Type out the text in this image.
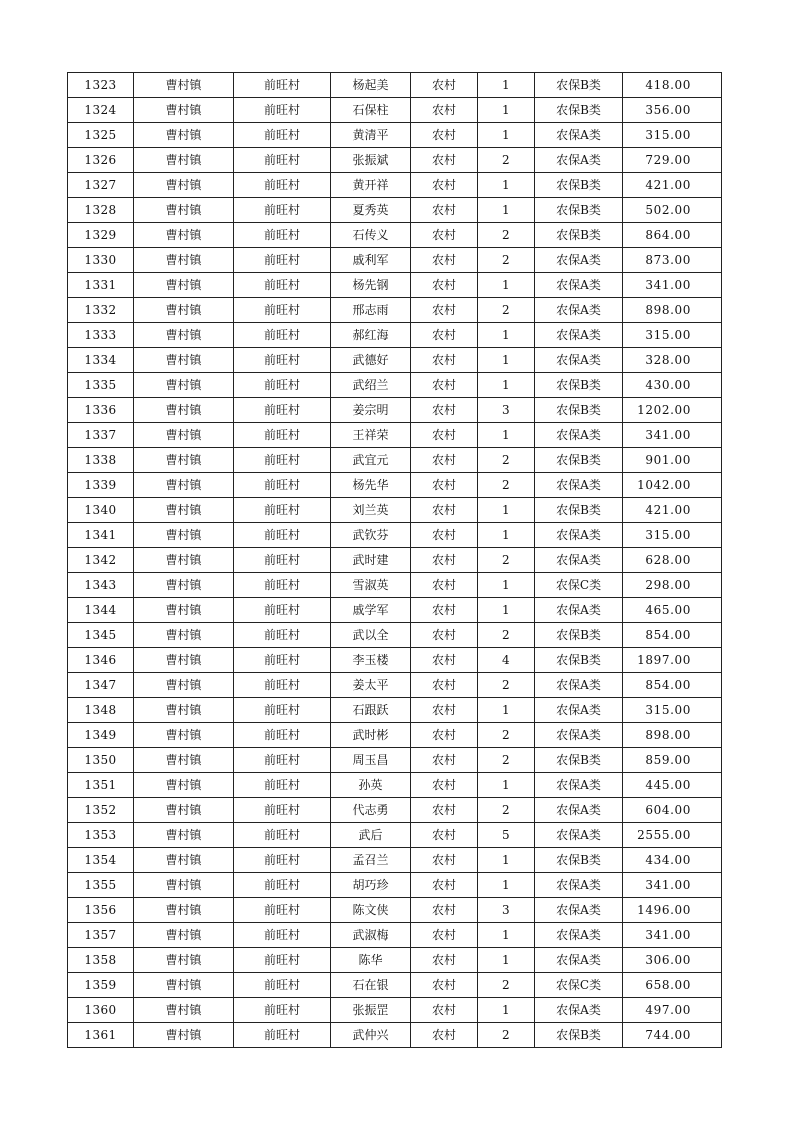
1323	曹村镇	前旺村	杨起美	农村	1	农保B类	418.00
1324	曹村镇	前旺村	石保柱	农村	1	农保B类	356.00
1325	曹村镇	前旺村	黄清平	农村	1	农保A类	315.00
1326	曹村镇	前旺村	张振斌	农村	2	农保A类	729.00
1327	曹村镇	前旺村	黄开祥	农村	1	农保B类	421.00
1328	曹村镇	前旺村	夏秀英	农村	1	农保B类	502.00
1329	曹村镇	前旺村	石传义	农村	2	农保B类	864.00
1330	曹村镇	前旺村	戚利军	农村	2	农保A类	873.00
1331	曹村镇	前旺村	杨先钢	农村	1	农保A类	341.00
1332	曹村镇	前旺村	邢志雨	农村	2	农保A类	898.00
1333	曹村镇	前旺村	郝红海	农村	1	农保A类	315.00
1334	曹村镇	前旺村	武德好	农村	1	农保A类	328.00
1335	曹村镇	前旺村	武绍兰	农村	1	农保B类	430.00
1336	曹村镇	前旺村	姜宗明	农村	3	农保B类	1202.00
1337	曹村镇	前旺村	王祥荣	农村	1	农保A类	341.00
1338	曹村镇	前旺村	武宜元	农村	2	农保B类	901.00
1339	曹村镇	前旺村	杨先华	农村	2	农保A类	1042.00
1340	曹村镇	前旺村	刘兰英	农村	1	农保B类	421.00
1341	曹村镇	前旺村	武钦芬	农村	1	农保A类	315.00
1342	曹村镇	前旺村	武时建	农村	2	农保A类	628.00
1343	曹村镇	前旺村	雪淑英	农村	1	农保C类	298.00
1344	曹村镇	前旺村	戚学军	农村	1	农保A类	465.00
1345	曹村镇	前旺村	武以全	农村	2	农保B类	854.00
1346	曹村镇	前旺村	李玉楼	农村	4	农保B类	1897.00
1347	曹村镇	前旺村	姜太平	农村	2	农保A类	854.00
1348	曹村镇	前旺村	石跟跃	农村	1	农保A类	315.00
1349	曹村镇	前旺村	武时彬	农村	2	农保A类	898.00
1350	曹村镇	前旺村	周玉昌	农村	2	农保B类	859.00
1351	曹村镇	前旺村	孙英	农村	1	农保A类	445.00
1352	曹村镇	前旺村	代志勇	农村	2	农保A类	604.00
1353	曹村镇	前旺村	武后	农村	5	农保A类	2555.00
1354	曹村镇	前旺村	孟召兰	农村	1	农保B类	434.00
1355	曹村镇	前旺村	胡巧珍	农村	1	农保A类	341.00
1356	曹村镇	前旺村	陈文侠	农村	3	农保A类	1496.00
1357	曹村镇	前旺村	武淑梅	农村	1	农保A类	341.00
1358	曹村镇	前旺村	陈华	农村	1	农保A类	306.00
1359	曹村镇	前旺村	石在银	农村	2	农保C类	658.00
1360	曹村镇	前旺村	张振罡	农村	1	农保A类	497.00
1361	曹村镇	前旺村	武仲兴	农村	2	农保B类	744.00
